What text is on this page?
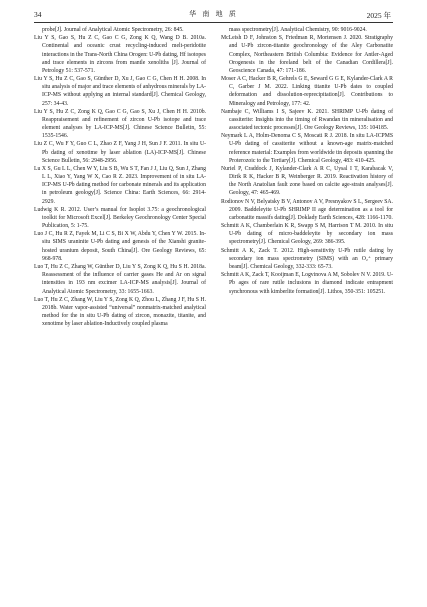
34	华 南 地 质	2025 年

probe[J]. Journal of Analytical Atomic Spectrometry, 26: 845.

Liu Y S, Gao S, Hu Z C, Gao C G, Zong K Q, Wang D B. 2010a. Continental and oceanic crust recycling-induced melt-peridotite interactions in the Trans-North China Orogen: U-Pb dating, Hf isotopes and trace elements in zircons from mantle xenoliths [J]. Journal of Petrology 51: 537-571.

Liu Y S, Hu Z C, Gao S, Günther D, Xu J, Gao C G, Chen H H. 2008. In situ analysis of major and trace elements of anhydrous minerals by LA-ICP-MS without applying an internal standard[J]. Chemical Geology, 257: 34-43.

Liu Y S, Hu Z C, Zong K Q, Gao C G, Gao S, Xu J, Chen H H. 2010b. Reappraisement and refinement of zircon U-Pb isotope and trace element analyses by LA-ICP-MS[J]. Chinese Science Bulletin, 55: 1535-1546.

Liu Z C, Wu F Y, Guo C L, Zhao Z F, Yang J H, Sun J F. 2011. In situ U-Pb dating of xenotime by laser ablation (LA)-ICP-MS[J]. Chinese Science Bulletin, 56: 2948-2956.

Lu X S, Gu L L, Chen W Y, Liu S B, Wu S T, Fan J J, Liu Q, Sun J, Zhang L L, Xiao Y, Yang W X, Cao R Z. 2023. Improvement of in situ LA-ICP-MS U-Pb dating method for carbonate minerals and its application in petroleum geology[J]. Science China: Earth Sciences, 66: 2914-2929.

Ludwig K R. 2012. User’s manual for Isoplot 3.75: a geochronological toolkit for Microsoft Excel[J]. Berkeley Geochronology Center Special Publication, 5: 1-75.

Luo J C, Hu R Z, Fayek M, Li C S, Bi X W, Abdu Y, Chen Y W. 2015. In-situ SIMS uraninite U-Pb dating and genesis of the Xianshi granite-hosted uranium deposit, South China[J]. Ore Geology Reviews, 65: 968-978.

Luo T, Hu Z C, Zhang W, Günther D, Liu Y S, Zong K Q, Hu S H. 2018a. Reassessment of the influence of carrier gases He and Ar on signal intensities in 193 nm excimer LA-ICP-MS analysis[J]. Journal of Analytical Atomic Spectrometry, 33: 1655-1663.

Luo T, Hu Z C, Zhang W, Liu Y S, Zong K Q, Zhou L, Zhang J F, Hu S H. 2018b. Water vapor-assisted “universal” nonmatrix-matched analytical method for the in situ U-Pb dating of zircon, monazite, titanite, and xenotime by laser ablation-Inductively coupled plasma

mass spectrometry[J]. Analytical Chemistry, 90: 9016-9024.

McLeish D F, Johnston S, Friedman R, Mortensen J. 2020. Stratigraphy and U-Pb zircon-titanite geochronology of the Aley Carbonatite Complex, Northeastern British Columbia: Evidence for Antler-Aged Orogenesis in the foreland belt of the Canadian Cordillera[J]. Geoscience Canada, 47: 171-186.

Moser A C, Hacker B R, Gehrels G E, Seward G G E, Kylander-Clark A R C, Garber J M. 2022. Linking titanite U-Pb dates to coupled deformation and dissolution-reprecipitation[J]. Contributions to Mineralogy and Petrology, 177: 42.

Nambaje C, Williams I S, Sajeev K. 2021. SHRIMP U-Pb dating of cassiterite: Insights into the timing of Rwandan tin mineralisation and associated tectonic processes[J]. Ore Geology Reviews, 135: 104185.

Neymark L A, Holm-Denoma C S, Moscati R J. 2018. In situ LA-ICPMS U-Pb dating of cassiterite without a known-age matrix-matched reference material: Examples from worldwide tin deposits spanning the Proterozoic to the Tertiary[J]. Chemical Geology, 483: 410-425.

Nuriel P, Craddock J, Kylander-Clark A R C, Uysal I T, Karabacak V, Dirik R K, Hacker B R, Weinberger R. 2019. Reactivation history of the North Anatolian fault zone based on calcite age-strain analyses[J]. Geology, 47: 465-469.

Rodionov N V, Belyatsky B V, Antonov A V, Presnyakov S L, Sergeev SA. 2009. Baddeleyite U-Pb SHRIMP II age determination as a tool for carbonatite massifs dating[J]. Doklady Earth Sciences, 428: 1166-1170.

Schmitt A K, Chamberlain K R, Swapp S M, Harrison T M. 2010. In situ U-Pb dating of micro-baddeleyite by secondary ion mass spectrometry[J]. Chemical Geology, 269: 386-395.

Schmitt A K, Zack T. 2012. High-sensitivity U-Pb rutile dating by secondary ion mass spectrometry (SIMS) with an O₂⁺ primary beam[J]. Chemical Geology, 332-333: 65-73.

Schmitt A K, Zack T, Kooijman E, Logvinova A M, Sobolev N V. 2019. U-Pb ages of rare rutile inclusions in diamond indicate entrapment synchronous with kimberlite formation[J]. Lithos, 350-351: 105251.
